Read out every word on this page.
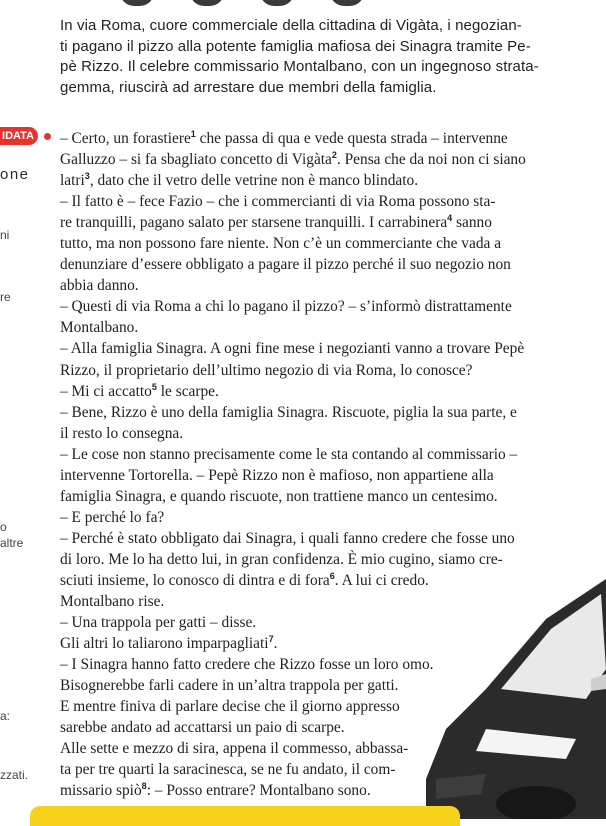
In via Roma, cuore commerciale della cittadina di Vigàta, i negozian-
ti pagano il pizzo alla potente famiglia mafiosa dei Sinagra tramite Pe-
pè Rizzo. Il celebre commissario Montalbano, con un ingegnoso strata-
gemma, riuscirà ad arrestare due membri della famiglia.
IDATA
one
ni
re
o
altre
a:
zzati.
– Certo, un forastiere$^1$ che passa di qua e vede questa strada – intervenne
Galluzzo – si fa sbagliato concetto di Vigàta$^2$. Pensa che da noi non ci siano
latri$^3$, dato che il vetro delle vetrine non è manco blindato.
– Il fatto è – fece Fazio – che i commercianti di via Roma possono sta-
re tranquilli, pagano salato per starsene tranquilli. I carrabinera$^4$ sanno
tutto, ma non possono fare niente. Non c’è un commerciante che vada a
denunziare d’essere obbligato a pagare il pizzo perché il suo negozio non
abbia danno.
– Questi di via Roma a chi lo pagano il pizzo? – s’informò distrattamente
Montalbano.
– Alla famiglia Sinagra. A ogni fine mese i negozianti vanno a trovare Pepè
Rizzo, il proprietario dell’ultimo negozio di via Roma, lo conosce?
– Mi ci accatto$^5$ le scarpe.
– Bene, Rizzo è uno della famiglia Sinagra. Riscuote, piglia la sua parte, e
il resto lo consegna.
– Le cose non stanno precisamente come le sta contando al commissario –
intervenne Tortorella. – Pepè Rizzo non è mafioso, non appartiene alla
famiglia Sinagra, e quando riscuote, non trattiene manco un centesimo.
– E perché lo fa?
– Perché è stato obbligato dai Sinagra, i quali fanno credere che fosse uno
di loro. Me lo ha detto lui, in gran confidenza. È mio cugino, siamo cre-
sciuti insieme, lo conosco di dintra e di fora$^6$. A lui ci credo.
Montalbano rise.
– Una trappola per gatti – disse.
Gli altri lo taliarono imparpagliati$^7$.
– I Sinagra hanno fatto credere che Rizzo fosse un loro omo.
Bisognerebbe farli cadere in un’altra trappola per gatti.
E mentre finiva di parlare decise che il giorno appresso
sarebbe andato ad accattarsi un paio di scarpe.
Alle sette e mezzo di sira, appena il commesso, abbassa-
ta per tre quarti la saracinesca, se ne fu andato, il com-
missario spiò$^8$: – Posso entrare? Montalbano sono.
